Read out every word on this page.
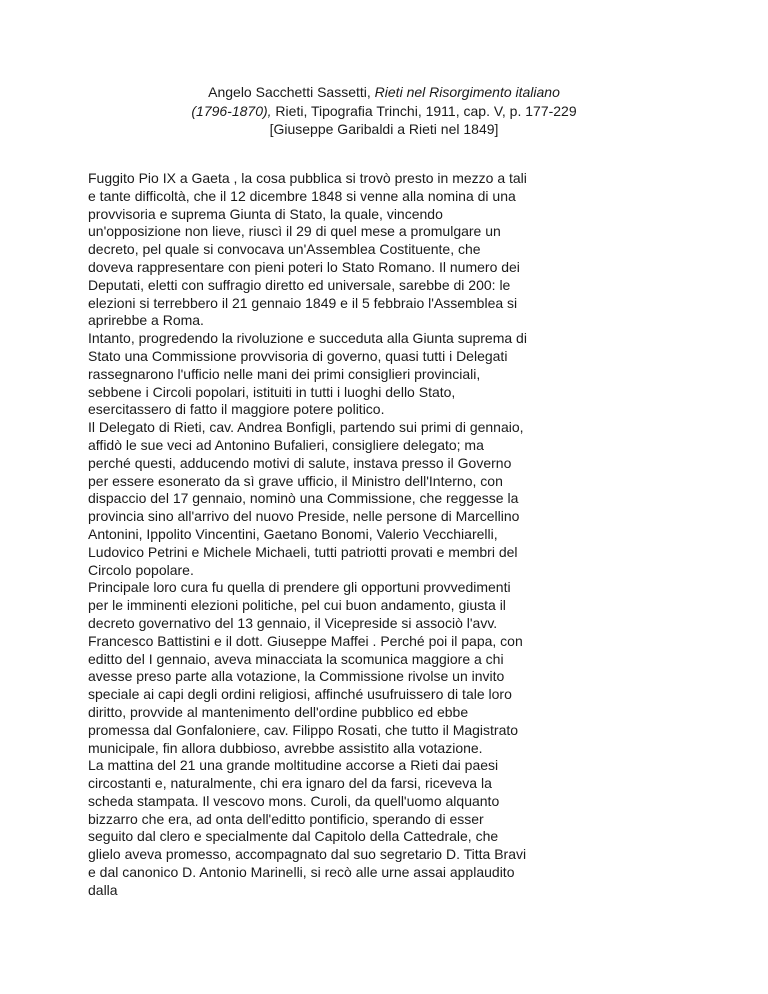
Angelo Sacchetti Sassetti, Rieti nel Risorgimento italiano
(1796-1870), Rieti, Tipografia Trinchi, 1911, cap. V, p. 177-229
[Giuseppe Garibaldi a Rieti nel 1849]

Fuggito Pio IX a Gaeta , la cosa pubblica si trovò presto in mezzo a tali e tante difficoltà, che il 12 dicembre 1848 si venne alla nomina di una provvisoria e suprema Giunta di Stato, la quale, vincendo un'opposizione non lieve, riuscì il 29 di quel mese a promulgare un decreto, pel quale si convocava un'Assemblea Costituente, che doveva rappresentare con pieni poteri lo Stato Romano. Il numero dei Deputati, eletti con suffragio diretto ed universale, sarebbe di 200: le elezioni si terrebbero il 21 gennaio 1849 e il 5 febbraio l'Assemblea si aprirebbe a Roma.

Intanto, progredendo la rivoluzione e succeduta alla Giunta suprema di Stato una Commissione provvisoria di governo, quasi tutti i Delegati rassegnarono l'ufficio nelle mani dei primi consiglieri provinciali, sebbene i Circoli popolari, istituiti in tutti i luoghi dello Stato, esercitassero di fatto il maggiore potere politico.

Il Delegato di Rieti, cav. Andrea Bonfigli, partendo sui primi di gennaio, affidò le sue veci ad Antonino Bufalieri, consigliere delegato; ma perché questi, adducendo motivi di salute, instava presso il Governo per essere esonerato da sì grave ufficio, il Ministro dell'Interno, con dispaccio del 17 gennaio, nominò una Commissione, che reggesse la provincia sino all'arrivo del nuovo Preside, nelle persone di Marcellino Antonini, Ippolito Vincentini, Gaetano Bonomi, Valerio Vecchiarelli, Ludovico Petrini e Michele Michaeli, tutti patriotti provati e membri del Circolo popolare.

Principale loro cura fu quella di prendere gli opportuni provvedimenti per le imminenti elezioni politiche, pel cui buon andamento, giusta il decreto governativo del 13 gennaio, il Vicepreside si associò l'avv. Francesco Battistini e il dott. Giuseppe Maffei . Perché poi il papa, con editto del I gennaio, aveva minacciata la scomunica maggiore a chi avesse preso parte alla votazione, la Commissione rivolse un invito speciale ai capi degli ordini religiosi, affinché usufruissero di tale loro diritto, provvide al mantenimento dell'ordine pubblico ed ebbe promessa dal Gonfaloniere, cav. Filippo Rosati, che tutto il Magistrato municipale, fin allora dubbioso, avrebbe assistito alla votazione.

La mattina del 21 una grande moltitudine accorse a Rieti dai paesi circostanti e, naturalmente, chi era ignaro del da farsi, riceveva la scheda stampata. Il vescovo mons. Curoli, da quell'uomo alquanto bizzarro che era, ad onta dell'editto pontificio, sperando di esser seguito dal clero e specialmente dal Capitolo della Cattedrale, che glielo aveva promesso, accompagnato dal suo segretario D. Titta Bravi e dal canonico D. Antonio Marinelli, si recò alle urne assai applaudito dalla
